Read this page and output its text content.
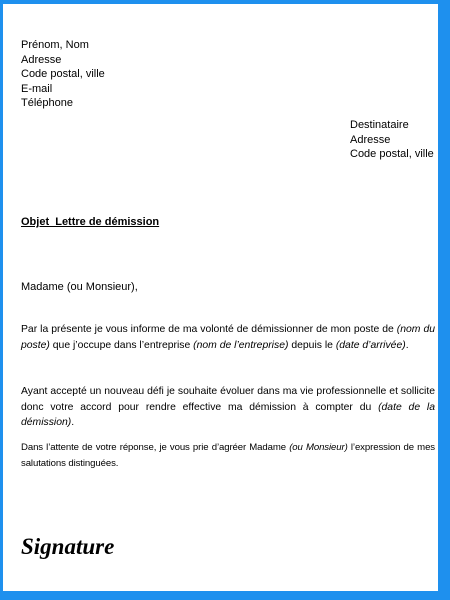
Prénom, Nom
Adresse
Code postal, ville
E-mail
Téléphone
Destinataire
Adresse
Code postal, ville
Objet  Lettre de démission
Madame (ou Monsieur),
Par la présente je vous informe de ma volonté de démissionner de mon poste de (nom du poste) que j’occupe dans l’entreprise (nom de l’entreprise) depuis le (date d’arrivée).
Ayant accepté un nouveau défi je souhaite évoluer dans ma vie professionnelle et sollicite donc votre accord pour rendre effective ma démission à compter du (date de la démission).
Dans l’attente de votre réponse, je vous prie d’agréer Madame (ou Monsieur) l’expression de mes salutations distinguées.
Signature
